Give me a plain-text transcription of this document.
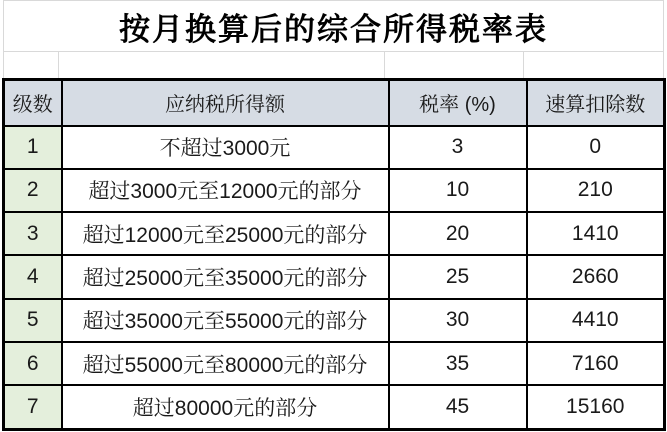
按月换算后的综合所得税率表
级数	应纳税所得额	税率 (%)	速算扣除数
1	不超过3000元	3	0
2	超过3000元至12000元的部分	10	210
3	超过12000元至25000元的部分	20	1410
4	超过25000元至35000元的部分	25	2660
5	超过35000元至55000元的部分	30	4410
6	超过55000元至80000元的部分	35	7160
7	超过80000元的部分	45	15160
